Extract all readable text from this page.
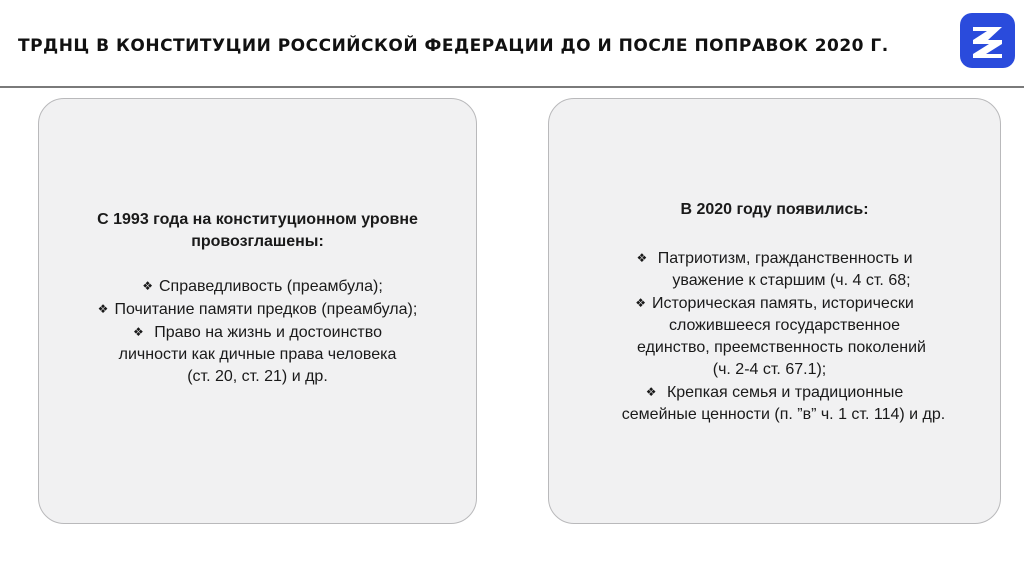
ТРДНЦ В КОНСТИТУЦИИ РОССИЙСКОЙ ФЕДЕРАЦИИ ДО И ПОСЛЕ ПОПРАВОК 2020 Г.
С 1993 года на конституционном уровне
провозглашены:
❖ Справедливость (преамбула);
❖ Почитание памяти предков (преамбула);
❖ Право на жизнь и достоинство
личности как дичные права человека
(ст. 20, ст. 21) и др.
В 2020 году появились:
❖ Патриотизм, гражданственность и
уважение к старшим (ч. 4 ст. 68;
❖ Историческая память, исторически
сложившееся государственное
единство, преемственность поколений
(ч. 2-4 ст. 67.1);
❖ Крепкая семья и традиционные
семейные ценности (п. ”в” ч. 1 ст. 114) и др.
